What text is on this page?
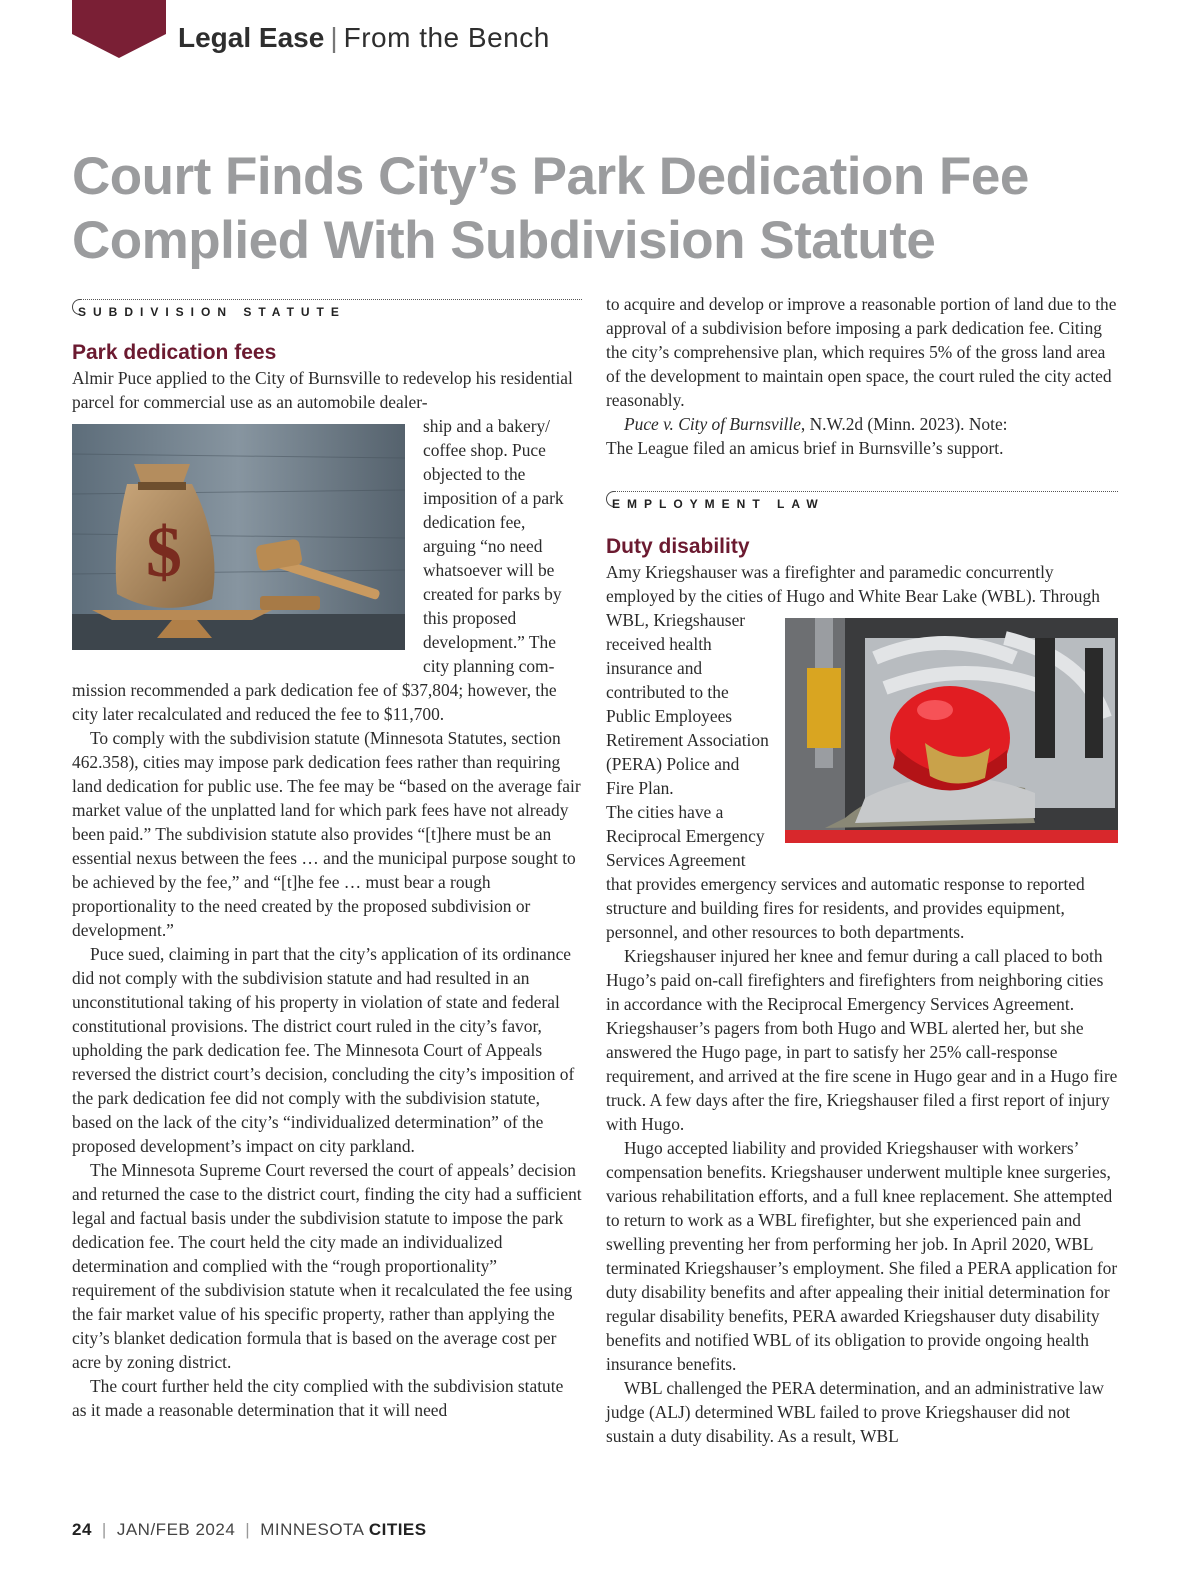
Legal Ease | From the Bench
Court Finds City’s Park Dedication Fee
Complied With Subdivision Statute
SUBDIVISION STATUTE
Park dedication fees

Almir Puce applied to the City of Burnsville to redevelop his residential parcel for commercial use as an automobile dealer-

$

ship and a bakery/ coffee shop. Puce objected to the imposition of a park dedication fee, arguing “no need whatsoever will be created for parks by this proposed development.” The city planning com-

mission recommended a park dedication fee of $37,804; however, the city later recalculated and reduced the fee to $11,700.

To comply with the subdivision statute (Minnesota Statutes, section 462.358), cities may impose park dedication fees rather than requiring land dedication for public use. The fee may be “based on the average fair market value of the unplatted land for which park fees have not already been paid.” The subdivision statute also provides “[t]here must be an essential nexus between the fees … and the municipal purpose sought to be achieved by the fee,” and “[t]he fee … must bear a rough proportionality to the need created by the proposed subdivision or development.”

Puce sued, claiming in part that the city’s application of its ordinance did not comply with the subdivision statute and had resulted in an unconstitutional taking of his property in violation of state and federal constitutional provisions. The district court ruled in the city’s favor, upholding the park dedication fee. The Minnesota Court of Appeals reversed the district court’s decision, concluding the city’s imposition of the park dedication fee did not comply with the subdivision statute, based on the lack of the city’s “individualized determination” of the proposed development’s impact on city parkland.

The Minnesota Supreme Court reversed the court of appeals’ decision and returned the case to the district court, finding the city had a sufficient legal and factual basis under the subdivision statute to impose the park dedication fee. The court held the city made an individualized determination and complied with the “rough proportionality” requirement of the subdivision statute when it recalculated the fee using the fair market value of his specific property, rather than applying the city’s blanket dedication formula that is based on the average cost per acre by zoning district.

The court further held the city complied with the subdivision statute as it made a reasonable determination that it will need

to acquire and develop or improve a reasonable portion of land due to the approval of a subdivision before imposing a park dedication fee. Citing the city’s comprehensive plan, which requires 5% of the gross land area of the development to maintain open space, the court ruled the city acted reasonably.

Puce v. City of Burnsville, N.W.2d (Minn. 2023). Note:

The League filed an amicus brief in Burnsville’s support.

EMPLOYMENT LAW
Duty disability

Amy Kriegshauser was a firefighter and paramedic concurrently employed by the cities of Hugo and White Bear Lake (WBL). Through

WBL, Kriegshauser received health insurance and contributed to the Public Employees Retirement Association (PERA) Police and Fire Plan.

The cities have a Reciprocal Emergency Services Agreement that provides emergency services and automatic response to reported structure and building fires for residents, and provides equipment, personnel, and other resources to both departments.

Kriegshauser injured her knee and femur during a call placed to both Hugo’s paid on-call firefighters and firefighters from neighboring cities in accordance with the Reciprocal Emergency Services Agreement. Kriegshauser’s pagers from both Hugo and WBL alerted her, but she answered the Hugo page, in part to satisfy her 25% call-response requirement, and arrived at the fire scene in Hugo gear and in a Hugo fire truck. A few days after the fire, Kriegshauser filed a first report of injury with Hugo.

Hugo accepted liability and provided Kriegshauser with workers’ compensation benefits. Kriegshauser underwent multiple knee surgeries, various rehabilitation efforts, and a full knee replacement. She attempted to return to work as a WBL firefighter, but she experienced pain and swelling preventing her from performing her job. In April 2020, WBL terminated Kriegshauser’s employment. She filed a PERA application for duty disability benefits and after appealing their initial determination for regular disability benefits, PERA awarded Kriegshauser duty disability benefits and notified WBL of its obligation to provide ongoing health insurance benefits.

WBL challenged the PERA determination, and an administrative law judge (ALJ) determined WBL failed to prove Kriegshauser did not sustain a duty disability. As a result, WBL

24 | JAN/FEB 2024 | MINNESOTA CITIES
